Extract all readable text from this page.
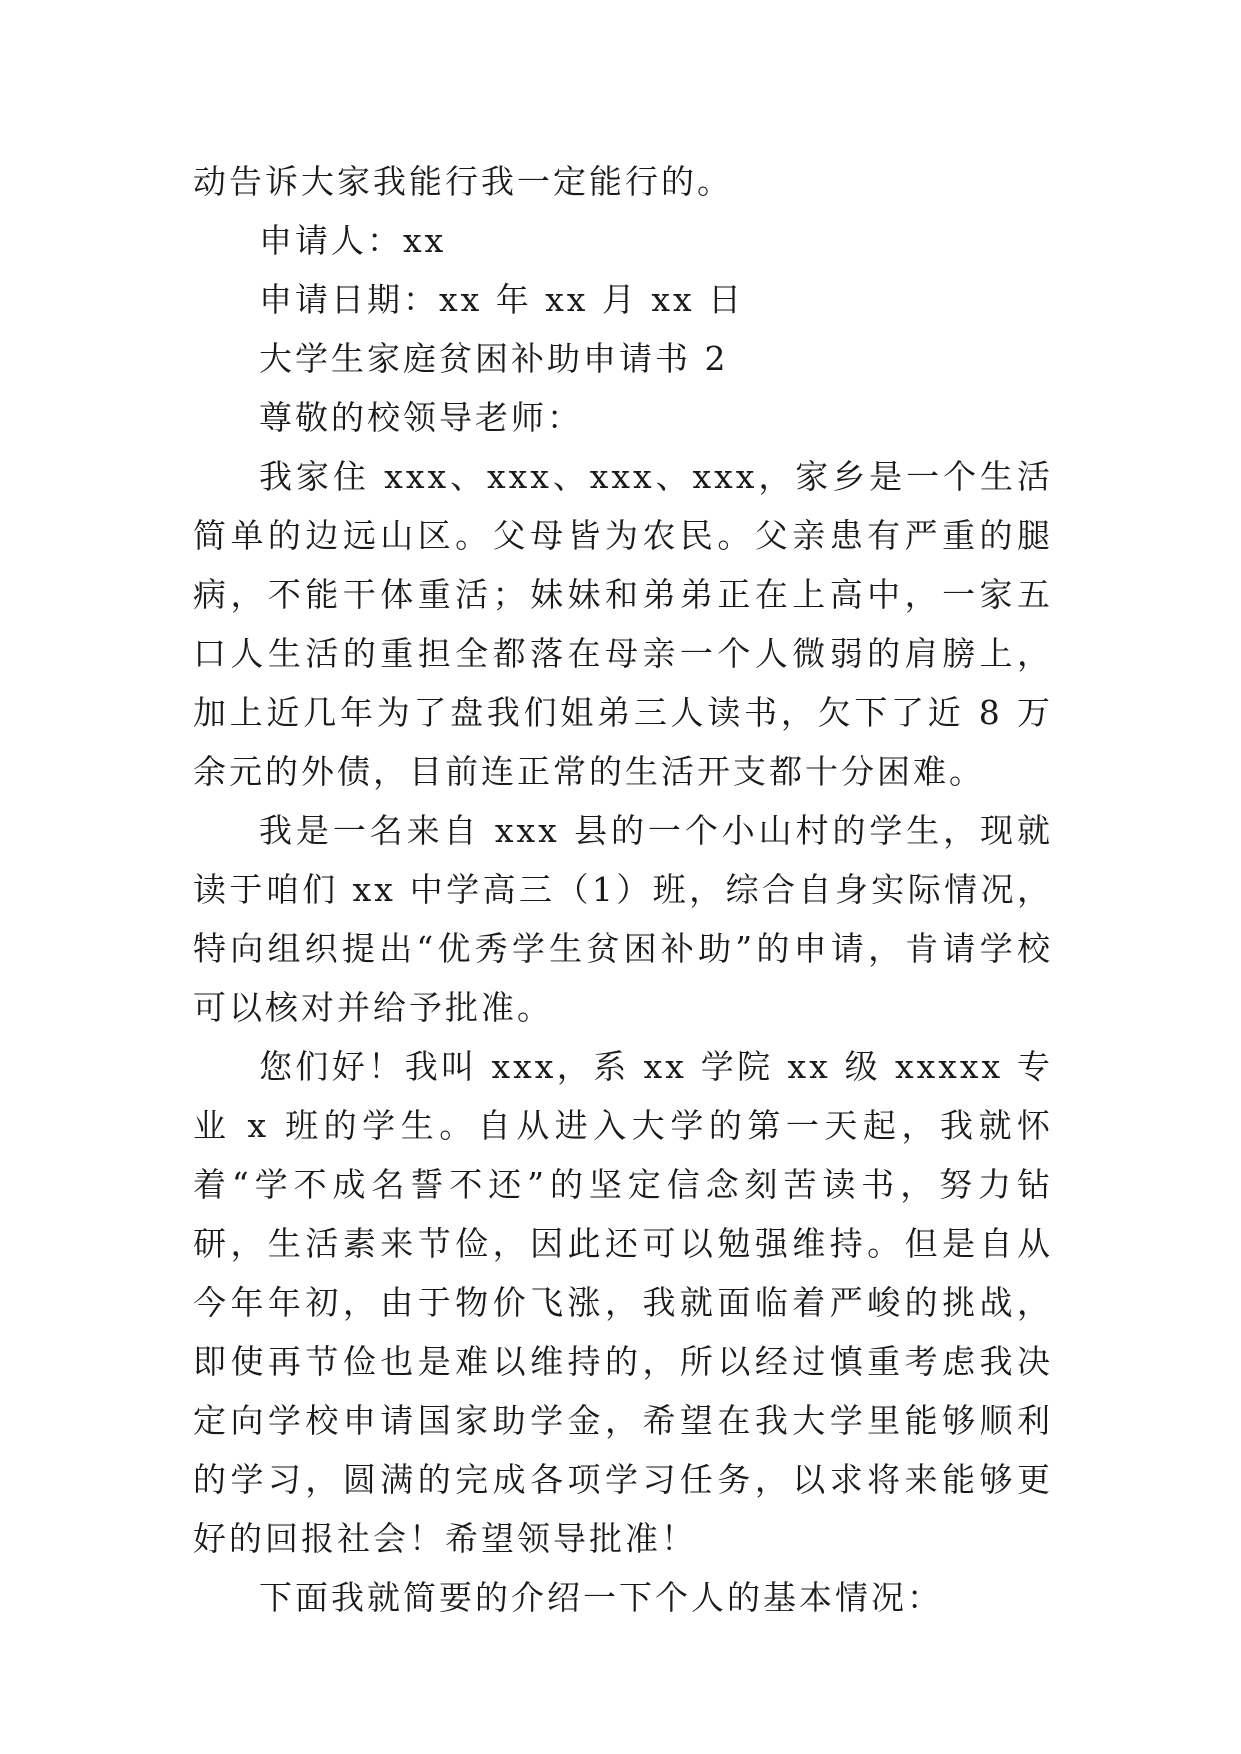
动告诉大家我能行我一定能行的。

申请人：xx

申请日期：xx 年 xx 月 xx 日

大学生家庭贫困补助申请书 2

尊敬的校领导老师：

我家住 xxx、xxx、xxx、xxx，家乡是一个生活简单的边远山区。父母皆为农民。父亲患有严重的腿病，不能干体重活；妹妹和弟弟正在上高中，一家五口人生活的重担全都落在母亲一个人微弱的肩膀上，加上近几年为了盘我们姐弟三人读书，欠下了近 8 万余元的外债，目前连正常的生活开支都十分困难。

我是一名来自 xxx 县的一个小山村的学生，现就读于咱们 xx 中学高三（1）班，综合自身实际情况，特向组织提出“优秀学生贫困补助”的申请，肯请学校可以核对并给予批准。

您们好！我叫 xxx，系 xx 学院 xx 级 xxxxx 专业 x 班的学生。自从进入大学的第一天起，我就怀着“学不成名誓不还”的坚定信念刻苦读书，努力钻研，生活素来节俭，因此还可以勉强维持。但是自从今年年初，由于物价飞涨，我就面临着严峻的挑战，即使再节俭也是难以维持的，所以经过慎重考虑我决定向学校申请国家助学金，希望在我大学里能够顺利的学习，圆满的完成各项学习任务，以求将来能够更好的回报社会！希望领导批准！

下面我就简要的介绍一下个人的基本情况：
